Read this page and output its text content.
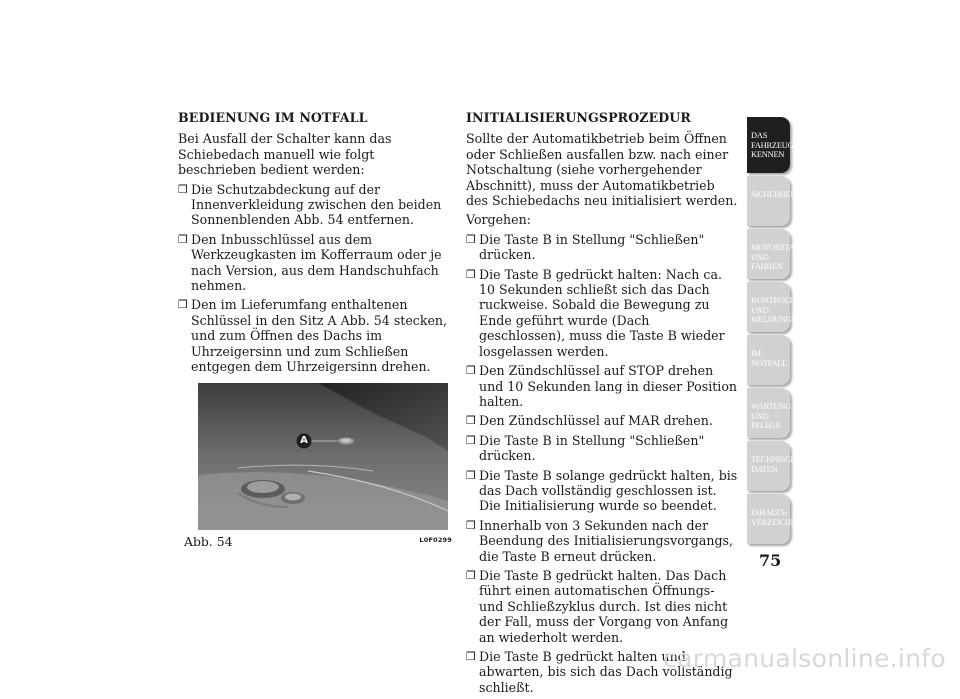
BEDIENUNG IM NOTFALL
Bei Ausfall der Schalter kann das Schiebedach manuell wie folgt beschrieben bedient werden:
❒ Die Schutzabdeckung auf der Innenverkleidung zwischen den beiden Sonnenblenden Abb. 54 entfernen.
❒ Den Inbusschlüssel aus dem Werkzeugkasten im Kofferraum oder je nach Version, aus dem Handschuhfach nehmen.
❒ Den im Lieferumfang enthaltenen Schlüssel in den Sitz A Abb. 54 stecken, und zum Öffnen des Dachs im Uhrzeigersinn und zum Schließen entgegen dem Uhrzeigersinn drehen.
A
Abb. 54	L0F0299
INITIALISIERUNGSPROZEDUR
Sollte der Automatikbetrieb beim Öffnen oder Schließen ausfallen bzw. nach einer Notschaltung (siehe vorhergehender Abschnitt), muss der Automatikbetrieb des Schiebedachs neu initialisiert werden.
Vorgehen:
❒ Die Taste B in Stellung "Schließen" drücken.
❒ Die Taste B gedrückt halten: Nach ca. 10 Sekunden schließt sich das Dach ruckweise. Sobald die Bewegung zu Ende geführt wurde (Dach geschlossen), muss die Taste B wieder losgelassen werden.
❒ Den Zündschlüssel auf STOP drehen und 10 Sekunden lang in dieser Position halten.
❒ Den Zündschlüssel auf MAR drehen.
❒ Die Taste B in Stellung "Schließen" drücken.
❒ Die Taste B solange gedrückt halten, bis das Dach vollständig geschlossen ist. Die Initialisierung wurde so beendet.
❒ Innerhalb von 3 Sekunden nach der Beendung des Initialisierungsvorgangs, die Taste B erneut drücken.
❒ Die Taste B gedrückt halten. Das Dach führt einen automatischen Öffnungs- und Schließzyklus durch. Ist dies nicht der Fall, muss der Vorgang von Anfang an wiederholt werden.
❒ Die Taste B gedrückt halten und abwarten, bis sich das Dach vollständig schließt.
DAS FAHRZEUG KENNEN
SICHERHEIT
MOTORSTART UND FAHREN
KONTROLLLEUCHTEN UND MELDUNGEN
IM NOTFALL
WARTUNG UND PFLEGE
TECHNISCHE DATEN
INHALTS- VERZEICHNIS
75
carmanualsonline.info
